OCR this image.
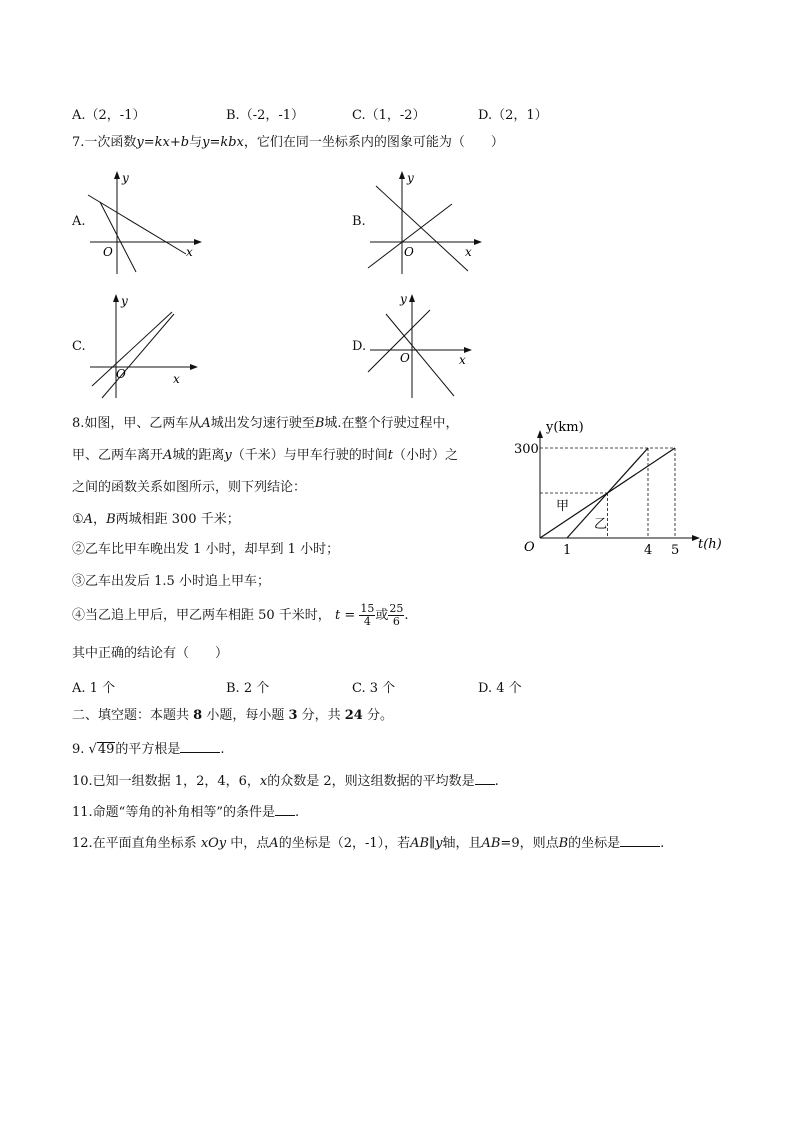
A.（2，-1）	B.（-2，-1）	C.（1，-2）	D.（2，1）
7.一次函数y=kx+b与y=kbx，它们在同一坐标系内的图象可能为（　　）
A.
y
O	x
B.
y
O	x
C.
y
O	x
D.
y
O	x
8.如图，甲、乙两车从A城出发匀速行驶至B城.在整个行驶过程中，
甲、乙两车离开A城的距离y（千米）与甲车行驶的时间t（小时）之
之间的函数关系如图所示，则下列结论：
①A，B两城相距 300 千米；
②乙车比甲车晚出发 1 小时，却早到 1 小时；
③乙车出发后 1.5 小时追上甲车；
④当乙追上甲后，甲乙两车相距 50 千米时， $t = \frac{15}{4}$ 或 $\frac{25}{6}$ .
其中正确的结论有（　　）
A. 1 个	B. 2 个	C. 3 个	D. 4 个
y(km)
t(h)
O
甲
乙
300
1	4 5
二、填空题：本题共 8 小题，每小题 3 分，共 24 分。
9. √49的平方根是	.
10.已知一组数据 1，2，4，6，x的众数是 2，则这组数据的平均数是 .
11.命题“等角的补角相等”的条件是 .
12.在平面直角坐标系 xOy 中，点A的坐标是（2，-1），若AB∥y轴，且AB=9，则点B的坐标是	.
